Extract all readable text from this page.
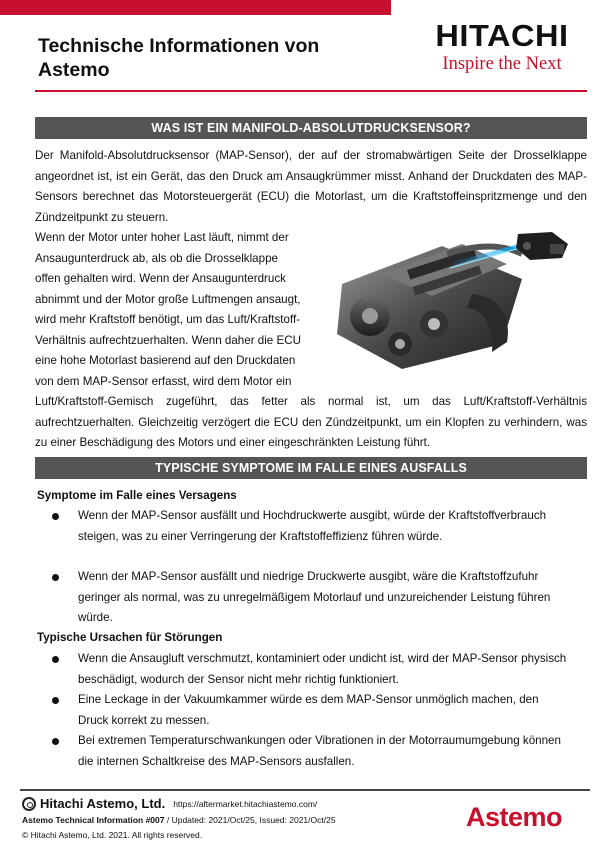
Technische Informationen von
Astemo
HITACHI
Inspire the Next
WAS IST EIN MANIFOLD-ABSOLUTDRUCKSENSOR?
Der Manifold-Absolutdrucksensor (MAP-Sensor), der auf der stromabwärtigen Seite der Drosselklappe angeordnet ist, ist ein Gerät, das den Druck am Ansaugkrümmer misst. Anhand der Druckdaten des MAP-Sensors berechnet das Motorsteuergerät (ECU) die Motorlast, um die Kraftstoffeinspritzmenge und den Zündzeitpunkt zu steuern.
Wenn der Motor unter hoher Last läuft, nimmt der
Ansaugunterdruck ab, als ob die Drosselklappe
offen gehalten wird. Wenn der Ansaugunterdruck
abnimmt und der Motor große Luftmengen ansaugt,
wird mehr Kraftstoff benötigt, um das Luft/Kraftstoff-
Verhältnis aufrechtzuerhalten. Wenn daher die ECU
eine hohe Motorlast basierend auf den Druckdaten
von dem MAP-Sensor erfasst, wird dem Motor ein
Luft/Kraftstoff-Gemisch zugeführt, das fetter als normal ist, um das Luft/Kraftstoff-Verhältnis aufrechtzuerhalten. Gleichzeitig verzögert die ECU den Zündzeitpunkt, um ein Klopfen zu verhindern, was zu einer Beschädigung des Motors und einer eingeschränkten Leistung führt.
TYPISCHE SYMPTOME IM FALLE EINES AUSFALLS
Symptome im Falle eines Versagens
Wenn der MAP-Sensor ausfällt und Hochdruckwerte ausgibt, würde der Kraftstoffverbrauch steigen, was zu einer Verringerung der Kraftstoffeffizienz führen würde.
Wenn der MAP-Sensor ausfällt und niedrige Druckwerte ausgibt, wäre die Kraftstoffzufuhr geringer als normal, was zu unregelmäßigem Motorlauf und unzureichender Leistung führen würde.
Typische Ursachen für Störungen
Wenn die Ansaugluft verschmutzt, kontaminiert oder undicht ist, wird der MAP-Sensor physisch beschädigt, wodurch der Sensor nicht mehr richtig funktioniert.
Eine Leckage in der Vakuumkammer würde es dem MAP-Sensor unmöglich machen, den Druck korrekt zu messen.
Bei extremen Temperaturschwankungen oder Vibrationen in der Motorraumumgebung können die internen Schaltkreise des MAP-Sensors ausfallen.
Hitachi Astemo, Ltd. https://aftermarket.hitachiastemo.com/
Astemo Technical Information #007 / Updated: 2021/Oct/25, Issued: 2021/Oct/25
© Hitachi Astemo, Ltd. 2021. All rights reserved.
Astemo
